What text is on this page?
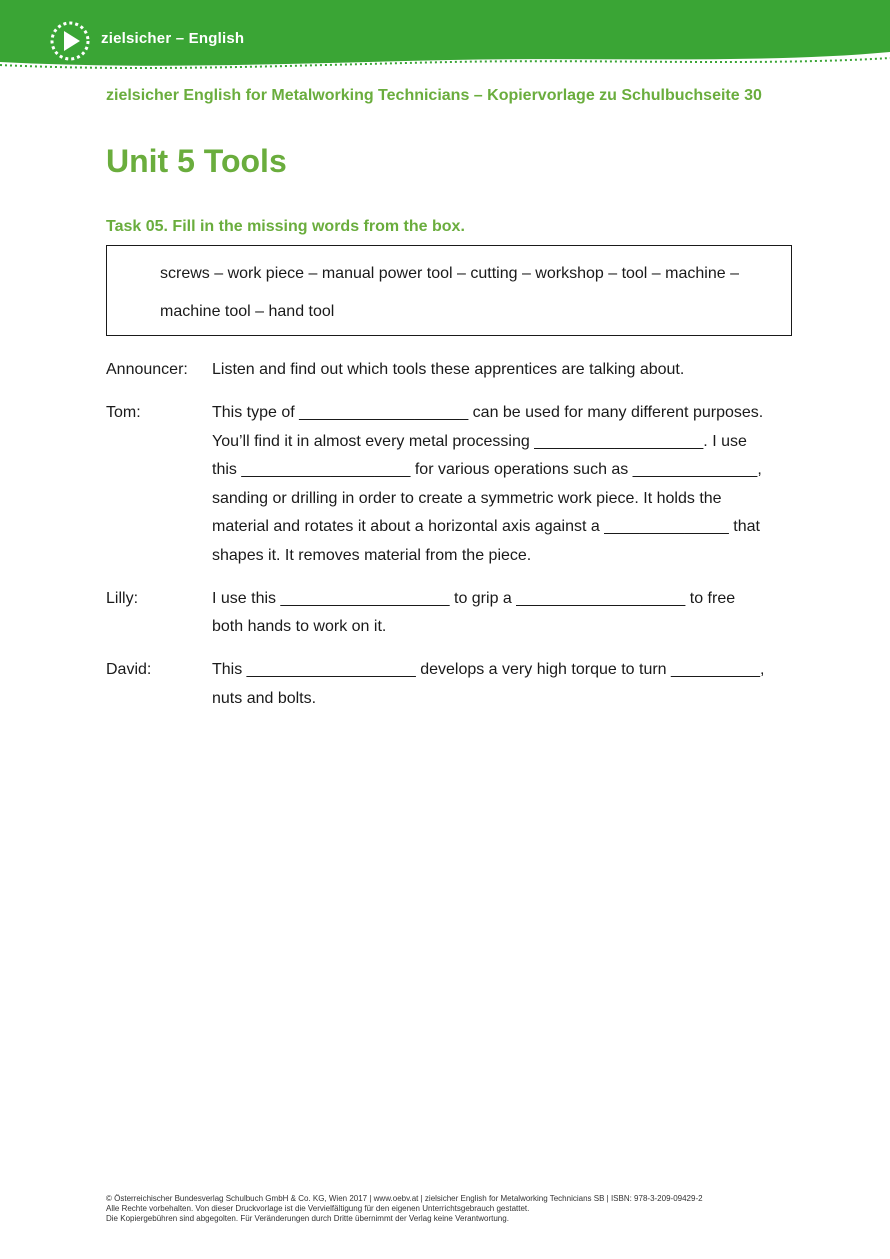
zielsicher – English
zielsicher English for Metalworking Technicians – Kopiervorlage zu Schulbuchseite 30
Unit 5 Tools
Task 05. Fill in the missing words from the box.
screws – work piece – manual power tool – cutting – workshop – tool – machine –
machine tool – hand tool
Announcer: Listen and find out which tools these apprentices are talking about.
Tom:	This type of ___________________ can be used for many different purposes.
You’ll find it in almost every metal processing ___________________. I use
this ___________________ for various operations such as ______________,
sanding or drilling in order to create a symmetric work piece. It holds the
material and rotates it about a horizontal axis against a ______________ that
shapes it. It removes material from the piece.
Lilly:	I use this ___________________ to grip a ___________________ to free
both hands to work on it.
David:	This ___________________ develops a very high torque to turn __________,
nuts and bolts.
© Österreichischer Bundesverlag Schulbuch GmbH & Co. KG, Wien 2017 | www.oebv.at | zielsicher English for Metalworking Technicians SB | ISBN: 978-3-209-09429-2
Alle Rechte vorbehalten. Von dieser Druckvorlage ist die Vervielfältigung für den eigenen Unterrichtsgebrauch gestattet.
Die Kopiergebühren sind abgegolten. Für Veränderungen durch Dritte übernimmt der Verlag keine Verantwortung.
